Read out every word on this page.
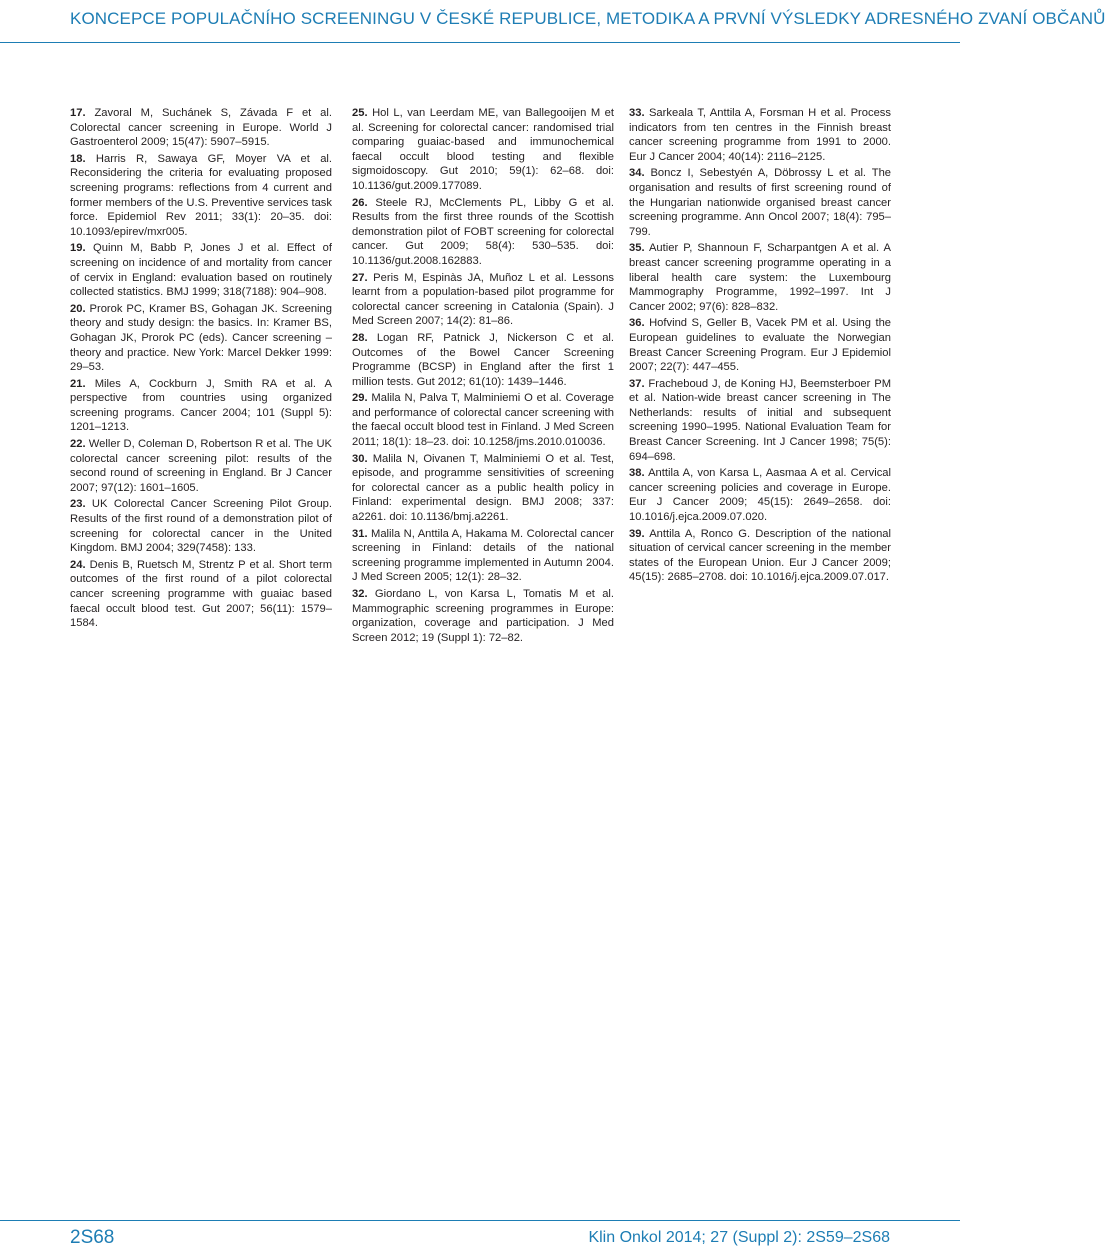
KONCEPCE POPULAČNÍHO SCREENINGU V ČESKÉ REPUBLICE, METODIKA A PRVNÍ VÝSLEDKY ADRESNÉHO ZVANÍ OBČANŮ

17. Zavoral M, Suchánek S, Závada F et al. Colorectal cancer screening in Europe. World J Gastroenterol 2009; 15(47): 5907–5915.

18. Harris R, Sawaya GF, Moyer VA et al. Reconsidering the criteria for evaluating proposed screening programs: reflections from 4 current and former members of the U.S. Preventive services task force. Epidemiol Rev 2011; 33(1): 20–35. doi: 10.1093/epirev/mxr005.

19. Quinn M, Babb P, Jones J et al. Effect of screening on incidence of and mortality from cancer of cervix in England: evaluation based on routinely collected statistics. BMJ 1999; 318(7188): 904–908.

20. Prorok PC, Kramer BS, Gohagan JK. Screening theory and study design: the basics. In: Kramer BS, Gohagan JK, Prorok PC (eds). Cancer screening – theory and practice. New York: Marcel Dekker 1999: 29–53.

21. Miles A, Cockburn J, Smith RA et al. A perspective from countries using organized screening programs. Cancer 2004; 101 (Suppl 5): 1201–1213.

22. Weller D, Coleman D, Robertson R et al. The UK colorectal cancer screening pilot: results of the second round of screening in England. Br J Cancer 2007; 97(12): 1601–1605.

23. UK Colorectal Cancer Screening Pilot Group. Results of the first round of a demonstration pilot of screening for colorectal cancer in the United Kingdom. BMJ 2004; 329(7458): 133.

24. Denis B, Ruetsch M, Strentz P et al. Short term outcomes of the first round of a pilot colorectal cancer screening programme with guaiac based faecal occult blood test. Gut 2007; 56(11): 1579–1584.

25. Hol L, van Leerdam ME, van Ballegooijen M et al. Screening for colorectal cancer: randomised trial comparing guaiac-based and immunochemical faecal occult blood testing and flexible sigmoidoscopy. Gut 2010; 59(1): 62–68. doi: 10.1136/gut.2009.177089.

26. Steele RJ, McClements PL, Libby G et al. Results from the first three rounds of the Scottish demonstration pilot of FOBT screening for colorectal cancer. Gut 2009; 58(4): 530–535. doi: 10.1136/gut.2008.162883.

27. Peris M, Espinàs JA, Muñoz L et al. Lessons learnt from a population-based pilot programme for colorectal cancer screening in Catalonia (Spain). J Med Screen 2007; 14(2): 81–86.

28. Logan RF, Patnick J, Nickerson C et al. Outcomes of the Bowel Cancer Screening Programme (BCSP) in England after the first 1 million tests. Gut 2012; 61(10): 1439–1446.

29. Malila N, Palva T, Malminiemi O et al. Coverage and performance of colorectal cancer screening with the faecal occult blood test in Finland. J Med Screen 2011; 18(1): 18–23. doi: 10.1258/jms.2010.010036.

30. Malila N, Oivanen T, Malminiemi O et al. Test, episode, and programme sensitivities of screening for colorectal cancer as a public health policy in Finland: experimental design. BMJ 2008; 337: a2261. doi: 10.1136/bmj.a2261.

31. Malila N, Anttila A, Hakama M. Colorectal cancer screening in Finland: details of the national screening programme implemented in Autumn 2004. J Med Screen 2005; 12(1): 28–32.

32. Giordano L, von Karsa L, Tomatis M et al. Mammographic screening programmes in Europe: organization, coverage and participation. J Med Screen 2012; 19 (Suppl 1): 72–82.

33. Sarkeala T, Anttila A, Forsman H et al. Process indicators from ten centres in the Finnish breast cancer screening programme from 1991 to 2000. Eur J Cancer 2004; 40(14): 2116–2125.

34. Boncz I, Sebestyén A, Döbrossy L et al. The organisation and results of first screening round of the Hungarian nationwide organised breast cancer screening programme. Ann Oncol 2007; 18(4): 795–799.

35. Autier P, Shannoun F, Scharpantgen A et al. A breast cancer screening programme operating in a liberal health care system: the Luxembourg Mammography Programme, 1992–1997. Int J Cancer 2002; 97(6): 828–832.

36. Hofvind S, Geller B, Vacek PM et al. Using the European guidelines to evaluate the Norwegian Breast Cancer Screening Program. Eur J Epidemiol 2007; 22(7): 447–455.

37. Fracheboud J, de Koning HJ, Beemsterboer PM et al. Nation-wide breast cancer screening in The Netherlands: results of initial and subsequent screening 1990–1995. National Evaluation Team for Breast Cancer Screening. Int J Cancer 1998; 75(5): 694–698.

38. Anttila A, von Karsa L, Aasmaa A et al. Cervical cancer screening policies and coverage in Europe. Eur J Cancer 2009; 45(15): 2649–2658. doi: 10.1016/j.ejca.2009.07.020.

39. Anttila A, Ronco G. Description of the national situation of cervical cancer screening in the member states of the European Union. Eur J Cancer 2009; 45(15): 2685–2708. doi: 10.1016/j.ejca.2009.07.017.

2S68	Klin Onkol 2014; 27 (Suppl 2): 2S59–2S68
